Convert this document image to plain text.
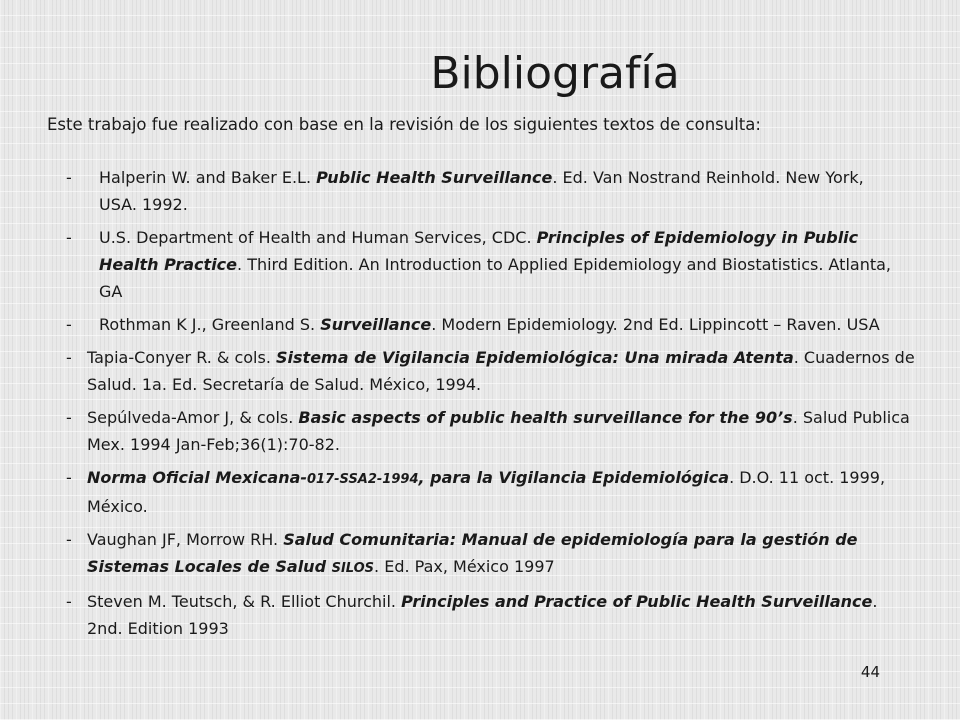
Bibliografía
Este trabajo fue realizado con base en la revisión de los siguientes textos de consulta:
- Halperin W. and Baker E.L. Public Health Surveillance. Ed. Van Nostrand Reinhold. New York, USA. 1992.
- U.S. Department of Health and Human Services, CDC. Principles of Epidemiology in Public Health Practice. Third Edition. An Introduction to Applied Epidemiology and Biostatistics. Atlanta, GA
- Rothman K J., Greenland S. Surveillance. Modern Epidemiology. 2nd Ed. Lippincott – Raven. USA
- Tapia-Conyer R. & cols. Sistema de Vigilancia Epidemiológica: Una mirada Atenta. Cuadernos de Salud. 1a. Ed. Secretaría de Salud. México, 1994.
- Sepúlveda-Amor J, & cols. Basic aspects of public health surveillance for the 90’s. Salud Publica Mex. 1994 Jan-Feb;36(1):70-82.
- Norma Oficial Mexicana-017-SSA2-1994, para la Vigilancia Epidemiológica. D.O. 11 oct. 1999, México.
- Vaughan JF, Morrow RH. Salud Comunitaria: Manual de epidemiología para la gestión de Sistemas Locales de Salud SILOS. Ed. Pax, México 1997
- Steven M. Teutsch, & R. Elliot Churchil. Principles and Practice of Public Health Surveillance. 2nd. Edition 1993
44
